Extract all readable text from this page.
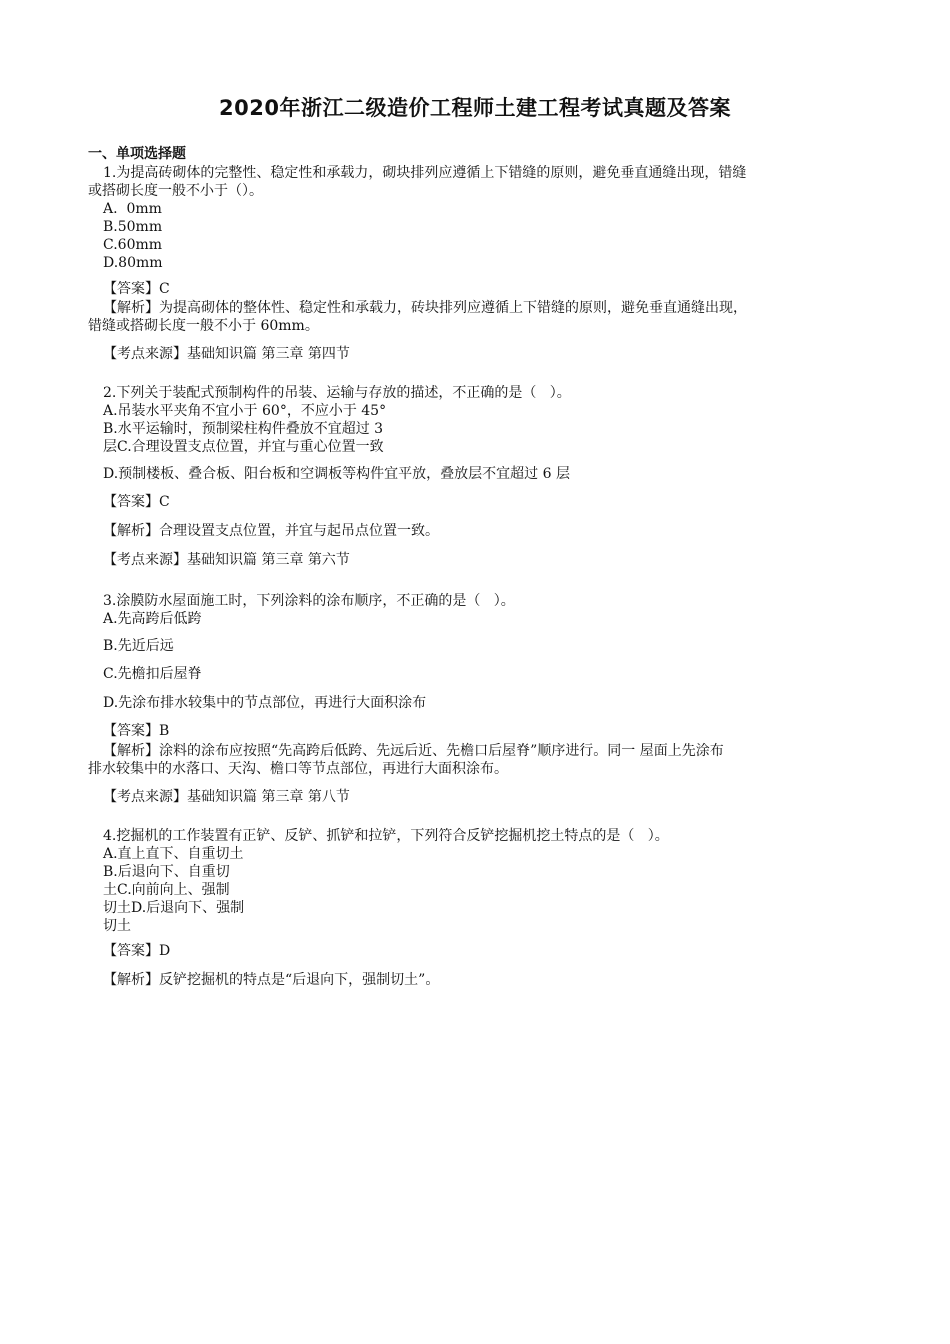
2020年浙江二级造价工程师土建工程考试真题及答案
一、单项选择题
1.为提高砖砌体的完整性、稳定性和承载力，砌块排列应遵循上下错缝的原则，避免垂直通缝出现，错缝
或搭砌长度一般不小于（）。
A.  0mm
B.50mm
C.60mm
D.80mm
【答案】C
【解析】为提高砌体的整体性、稳定性和承载力，砖块排列应遵循上下错缝的原则，避免垂直通缝出现，
错缝或搭砌长度一般不小于 60mm。
【考点来源】基础知识篇 第三章 第四节
2.下列关于装配式预制构件的吊装、运输与存放的描述，不正确的是（   ）。
A.吊装水平夹角不宜小于 60°，不应小于 45°
B.水平运输时，预制梁柱构件叠放不宜超过 3
层C.合理设置支点位置，并宜与重心位置一致
D.预制楼板、叠合板、阳台板和空调板等构件宜平放，叠放层不宜超过 6 层
【答案】C
【解析】合理设置支点位置，并宜与起吊点位置一致。
【考点来源】基础知识篇 第三章 第六节
3.涂膜防水屋面施工时，下列涂料的涂布顺序，不正确的是（   ）。
A.先高跨后低跨
B.先近后远
C.先檐扣后屋脊
D.先涂布排水较集中的节点部位，再进行大面积涂布
【答案】B
【解析】涂料的涂布应按照“先高跨后低跨、先远后近、先檐口后屋脊”顺序进行。同一 屋面上先涂布
排水较集中的水落口、天沟、檐口等节点部位，再进行大面积涂布。
【考点来源】基础知识篇 第三章 第八节
4.挖掘机的工作装置有正铲、反铲、抓铲和拉铲，下列符合反铲挖掘机挖土特点的是（   ）。
A.直上直下、自重切土
B.后退向下、自重切
土C.向前向上、强制
切土D.后退向下、强制
切土
【答案】D
【解析】反铲挖掘机的特点是“后退向下，强制切土”。
